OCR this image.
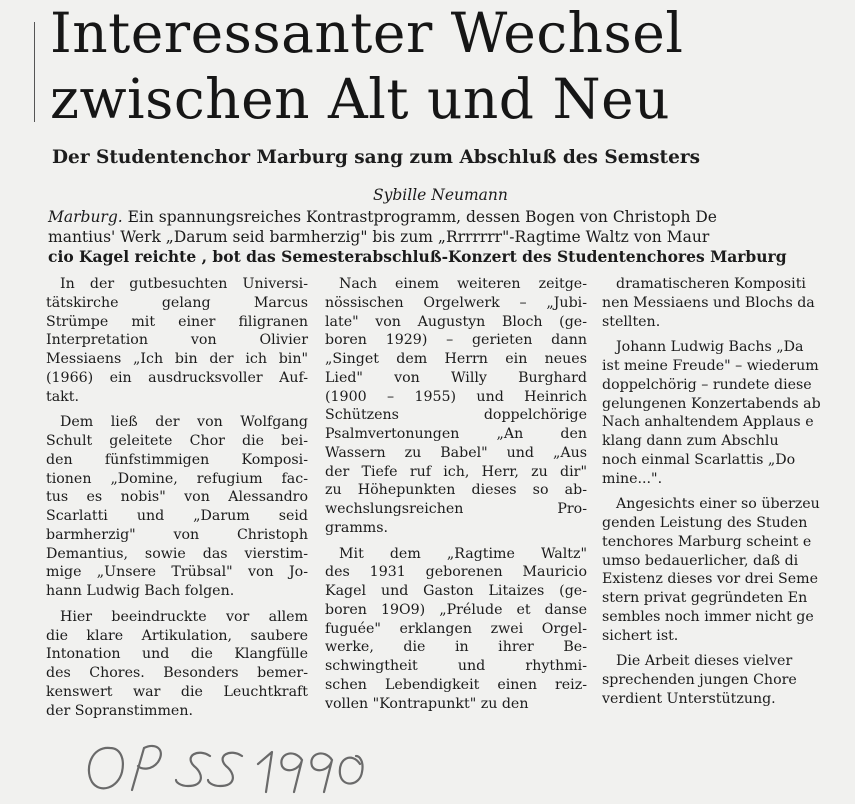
Interessanter Wechsel
zwischen Alt und Neu
Der Studentenchor Marburg sang zum Abschluß des Semsters
Sybille Neumann
Marburg. Ein spannungsreiches Kontrastprogramm, dessen Bogen von Christoph De
mantius' Werk „Darum seid barmherzig" bis zum „Rrrrrrr"-Ragtime Waltz von Maur
cio Kagel reichte , bot das Semesterabschluß-Konzert des Studentenchores Marburg
In der gutbesuchten Universi-
tätskirche gelang Marcus
Strümpe mit einer filigranen
Interpretation von Olivier
Messiaens „Ich bin der ich bin"
(1966) ein ausdrucksvoller Auf-
takt.
Dem ließ der von Wolfgang
Schult geleitete Chor die bei-
den fünfstimmigen Komposi-
tionen „Domine, refugium fac-
tus es nobis" von Alessandro
Scarlatti und „Darum seid
barmherzig" von Christoph
Demantius, sowie das vierstim-
mige „Unsere Trübsal" von Jo-
hann Ludwig Bach folgen.
Hier beeindruckte vor allem
die klare Artikulation, saubere
Intonation und die Klangfülle
des Chores. Besonders bemer-
kenswert war die Leuchtkraft
der Sopranstimmen.
Nach einem weiteren zeitge-
nössischen Orgelwerk – „Jubi-
late" von Augustyn Bloch (ge-
boren 1929) – gerieten dann
„Singet dem Herrn ein neues
Lied" von Willy Burghard
(1900 – 1955) und Heinrich
Schützens doppelchörige
Psalmvertonungen „An den
Wassern zu Babel" und „Aus
der Tiefe ruf ich, Herr, zu dir"
zu Höhepunkten dieses so ab-
wechslungsreichen Pro-
gramms.
Mit dem „Ragtime Waltz"
des 1931 geborenen Mauricio
Kagel und Gaston Litaizes (ge-
boren 19O9) „Prélude et danse
fuguée" erklangen zwei Orgel-
werke, die in ihrer Be-
schwingtheit und rhythmi-
schen Lebendigkeit einen reiz-
vollen "Kontrapunkt" zu den
dramatischeren Kompositi
nen Messiaens und Blochs da
stellten.
Johann Ludwig Bachs „Da
ist meine Freude" – wiederum
doppelchörig – rundete diese
gelungenen Konzertabends ab
Nach anhaltendem Applaus e
klang dann zum Abschlu
noch einmal Scarlattis „Do
mine...".
Angesichts einer so überzeu
genden Leistung des Studen
tenchores Marburg scheint e
umso bedauerlicher, daß di
Existenz dieses vor drei Seme
stern privat gegründeten En
sembles noch immer nicht ge
sichert ist.
Die Arbeit dieses vielver
sprechenden jungen Chore
verdient Unterstützung.
